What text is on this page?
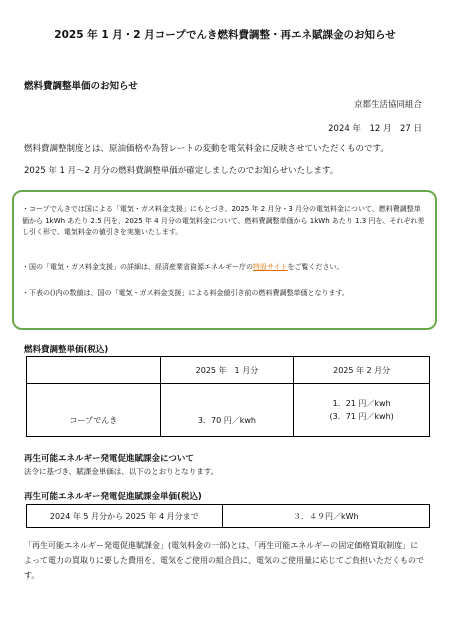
2025 年 1 月・2 月コープでんき燃料費調整・再エネ賦課金のお知らせ
燃料費調整単価のお知らせ
京都生活協同組合
2024 年　12 月　27 日
燃料費調整制度とは、原油価格や為替レートの変動を電気料金に反映させていただくものです。
2025 年 1 月～2 月分の燃料費調整単価が確定しましたのでお知らせいたします。
・コープでんきでは国による「電気・ガス料金支援」にもとづき、2025 年 2 月分・3 月分の電気料金について、燃料費調整単価から 1kWh あたり 2.5 円を、2025 年 4 月分の電気料金について、燃料費調整単価から 1kWh あたり 1.3 円を、それぞれ差し引く形で、電気料金の値引きを実施いたします。
・国の「電気・ガス料金支援」の詳細は、経済産業省資源エネルギー庁の特設サイトをご覧ください。
・下表の()内の数値は、国の「電気・ガス料金支援」による料金値引き前の燃料費調整単価となります。
燃料費調整単価(税込)
	2025 年　1 月分	2025 年 2 月分
コープでんき	3．70 円／kwh	1．21 円／kwh
(3．71 円／kwh)
再生可能エネルギー発電促進賦課金について
法令に基づき、賦課金単価は、以下のとおりとなります。
再生可能エネルギー発電促進賦課金単価(税込)
2024 年 5 月分から 2025 年 4 月分まで	３．４９円／kWh
「再生可能エネルギー発電促進賦課金」(電気料金の一部)とは、「再生可能エネルギーの固定価格買取制度」によって電力の買取りに要した費用を、電気をご使用の組合員に、電気のご使用量に応じてご負担いただくものです。
